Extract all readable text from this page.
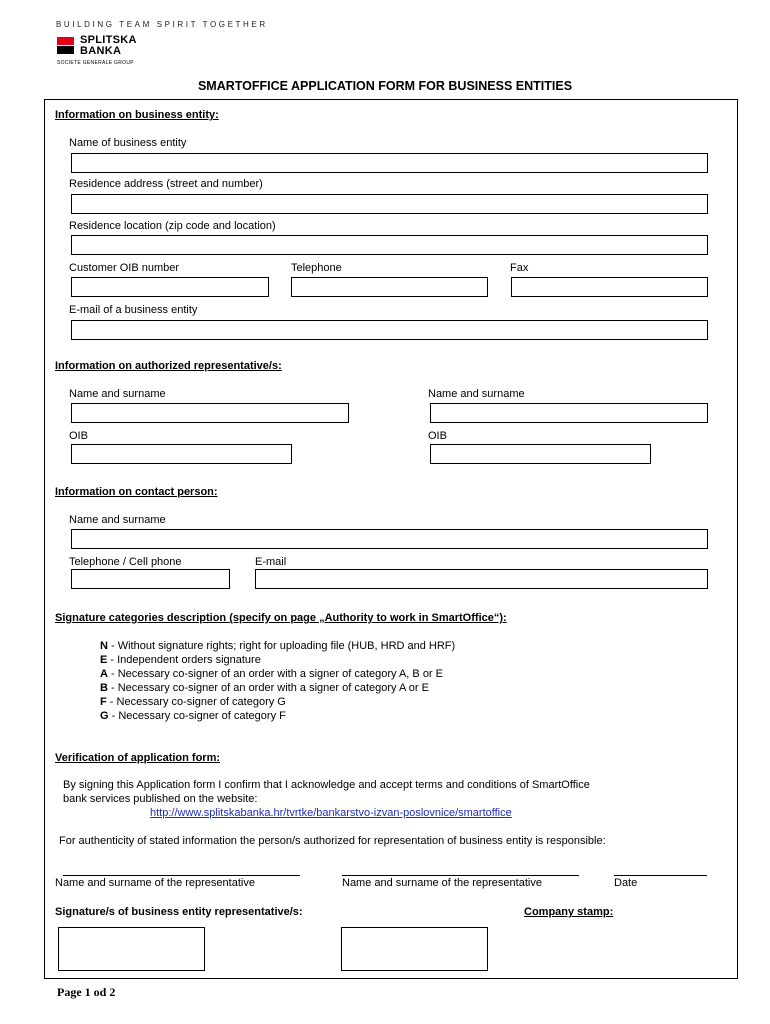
BUILDING TEAM SPIRIT TOGETHER
SPLITSKA
BANKA
SOCIETE GENERALE GROUP
SMARTOFFICE APPLICATION FORM FOR BUSINESS ENTITIES
Information on business entity:
Name of business entity
Residence address (street and number)
Residence location (zip code and location)
Customer OIB number	Telephone	Fax
E-mail of a business entity
Information on authorized representative/s:
Name and surname	Name and surname
OIB	OIB
Information on contact person:
Name and surname
Telephone / Cell phone	E-mail
Signature categories description (specify on page „Authority to work in SmartOffice“):
N - Without signature rights; right for uploading file (HUB, HRD and HRF)
E - Independent orders signature
A - Necessary co-signer of an order with a signer of category A, B or E
B - Necessary co-signer of an order with a signer of category A or E
F - Necessary co-signer of category G
G - Necessary co-signer of category F
Verification of application form:
By signing this Application form I confirm that I acknowledge and accept terms and conditions of SmartOffice
bank services published on the website:
http://www.splitskabanka.hr/tvrtke/bankarstvo-izvan-poslovnice/smartoffice
For authenticity of stated information the person/s authorized for representation of business entity is responsible:
Name and surname of the representative	Name and surname of the representative	Date
Signature/s of business entity representative/s:	Company stamp:
Page 1 od 2
